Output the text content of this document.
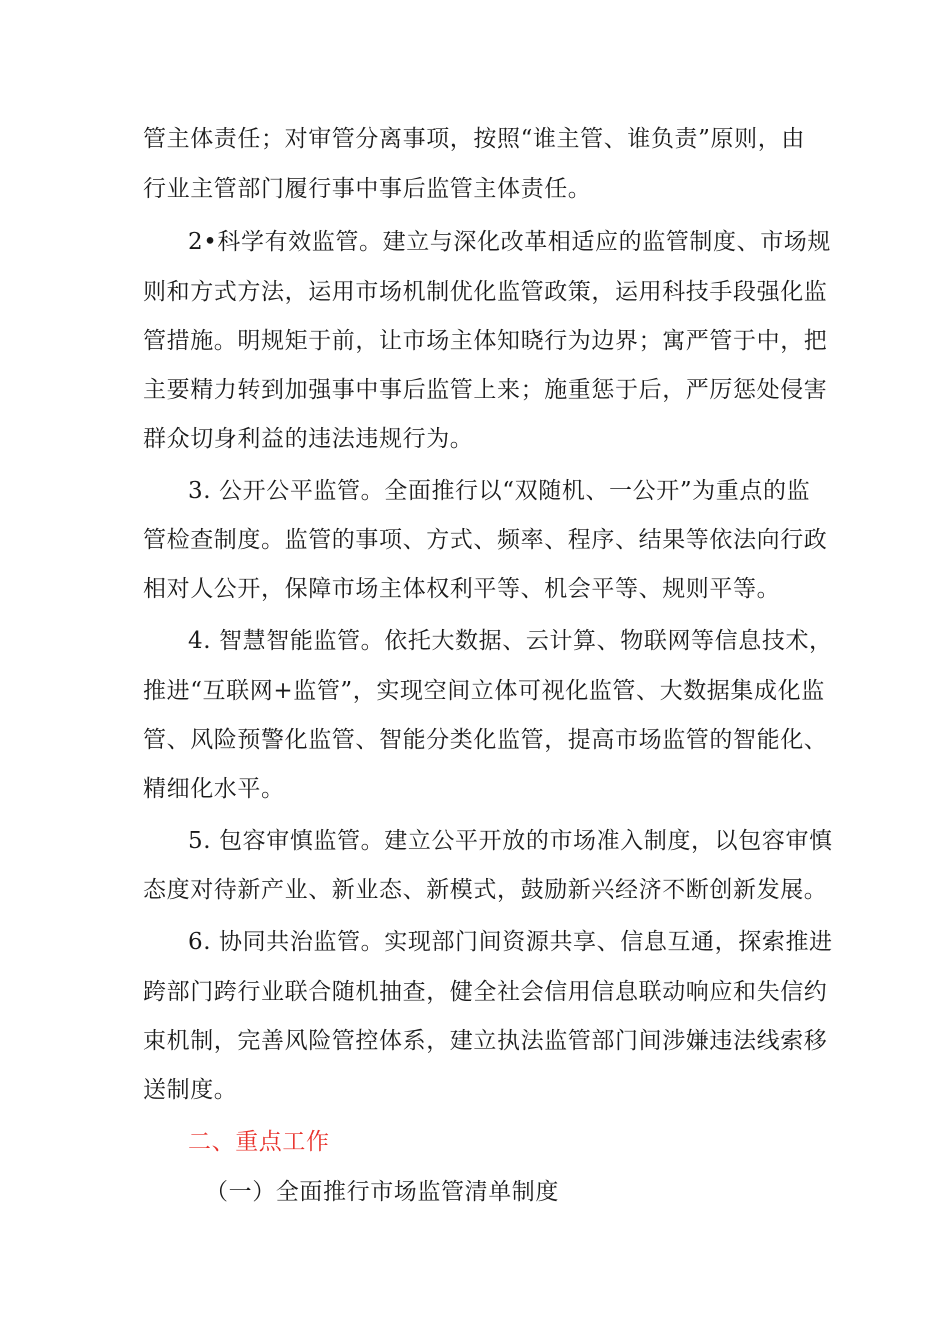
管主体责任；对审管分离事项，按照“谁主管、谁负责”原则，由
行业主管部门履行事中事后监管主体责任。
2•科学有效监管。建立与深化改革相适应的监管制度、市场规
则和方式方法，运用市场机制优化监管政策，运用科技手段强化监
管措施。明规矩于前，让市场主体知晓行为边界；寓严管于中，把
主要精力转到加强事中事后监管上来；施重惩于后，严厉惩处侵害
群众切身利益的违法违规行为。
3. 公开公平监管。全面推行以“双随机、一公开”为重点的监
管检查制度。监管的事项、方式、频率、程序、结果等依法向行政
相对人公开，保障市场主体权利平等、机会平等、规则平等。
4. 智慧智能监管。依托大数据、云计算、物联网等信息技术，
推进“互联网+监管”，实现空间立体可视化监管、大数据集成化监
管、风险预警化监管、智能分类化监管，提高市场监管的智能化、
精细化水平。
5. 包容审慎监管。建立公平开放的市场准入制度，以包容审慎
态度对待新产业、新业态、新模式，鼓励新兴经济不断创新发展。
6. 协同共治监管。实现部门间资源共享、信息互通，探索推进
跨部门跨行业联合随机抽查，健全社会信用信息联动响应和失信约
束机制，完善风险管控体系，建立执法监管部门间涉嫌违法线索移
送制度。
二、重点工作
（一）全面推行市场监管清单制度
